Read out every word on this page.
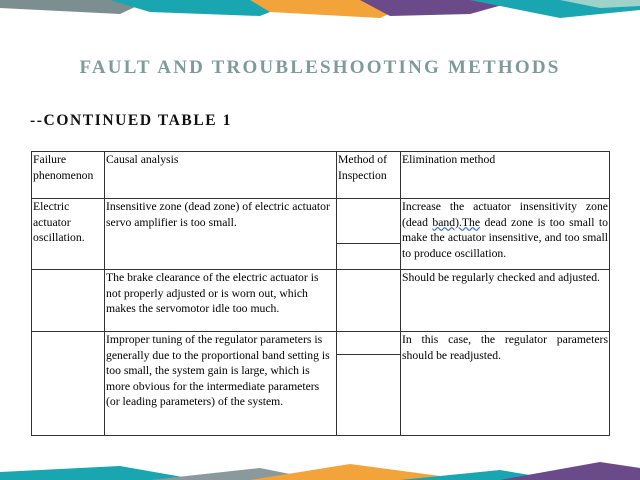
FAULT AND TROUBLESHOOTING METHODS
--CONTINUED TABLE 1
Failure phenomenon	Causal analysis	Method of Inspection	Elimination method
Electric actuator oscillation.	Insensitive zone (dead zone) of electric actuator servo amplifier is too small.		Increase the actuator insensitivity zone (dead band).The dead zone is too small to make the actuator insensitive, and too small to produce oscillation.
	The brake clearance of the electric actuator is not properly adjusted or is worn out, which makes the servomotor idle too much.		Should be regularly checked and adjusted.
	Improper tuning of the regulator parameters is generally due to the proportional band setting is too small, the system gain is large, which is more obvious for the intermediate parameters (or leading parameters) of the system.		In this case, the regulator parameters should be readjusted.
